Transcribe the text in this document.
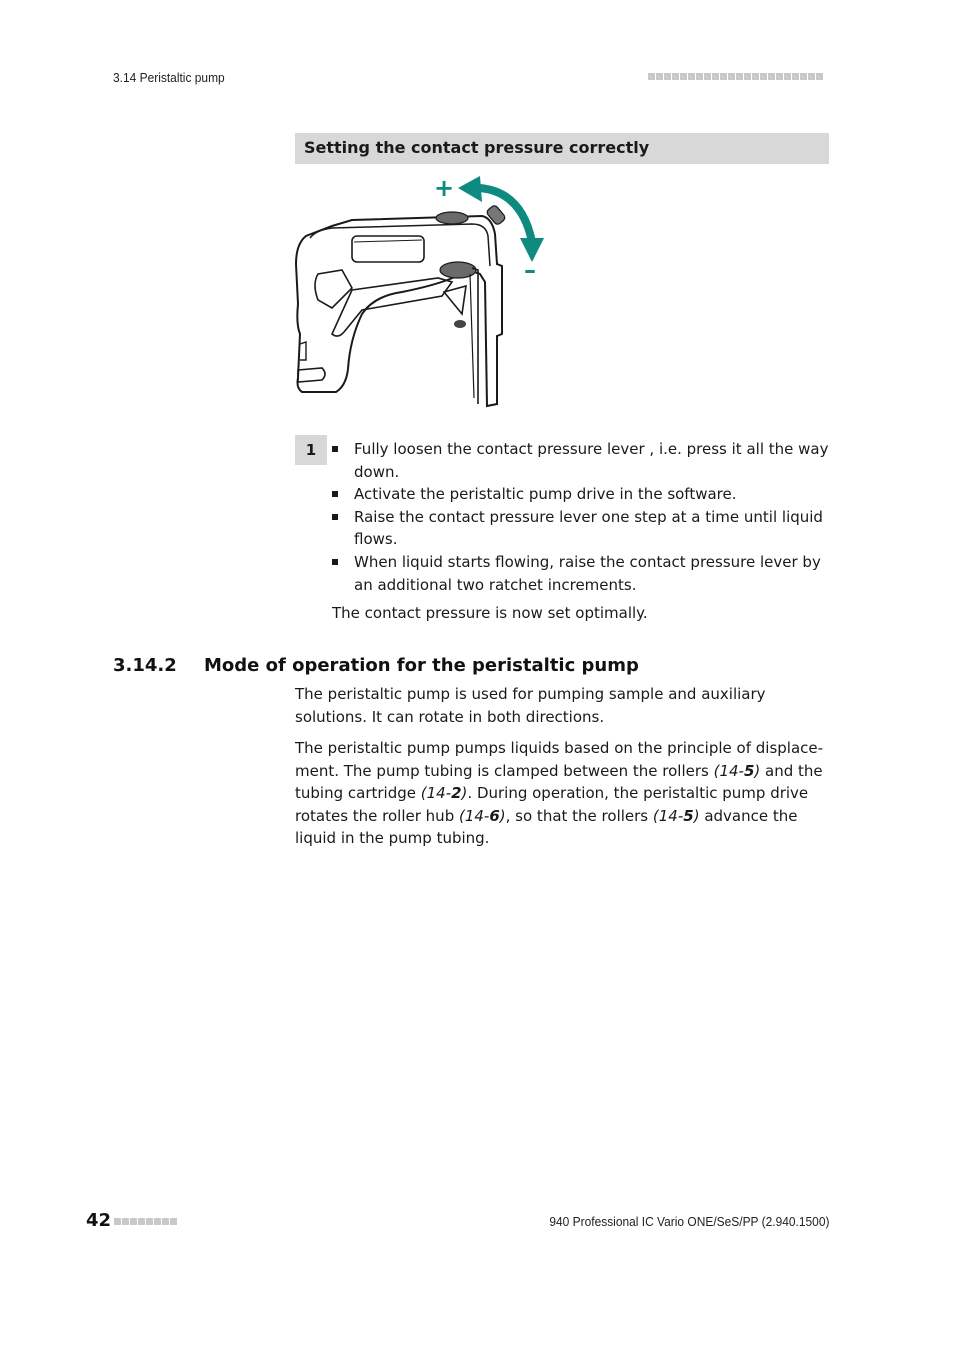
3.14 Peristaltic pump
Setting the contact pressure correctly
+
–
1	Fully loosen the contact pressure lever , i.e. press it all the way down.
Activate the peristaltic pump drive in the software.
Raise the contact pressure lever one step at a time until liquid flows.
When liquid starts flowing, raise the contact pressure lever by an additional two ratchet increments.
The contact pressure is now set optimally.
3.14.2 Mode of operation for the peristaltic pump

The peristaltic pump is used for pumping sample and auxiliary solutions. It can rotate in both directions.

The peristaltic pump pumps liquids based on the principle of displace-ment. The pump tubing is clamped between the rollers (14-5) and the tubing cartridge (14-2). During operation, the peristaltic pump drive rotates the roller hub (14-6), so that the rollers (14-5) advance the liquid in the pump tubing.

42	940 Professional IC Vario ONE/SeS/PP (2.940.1500)
